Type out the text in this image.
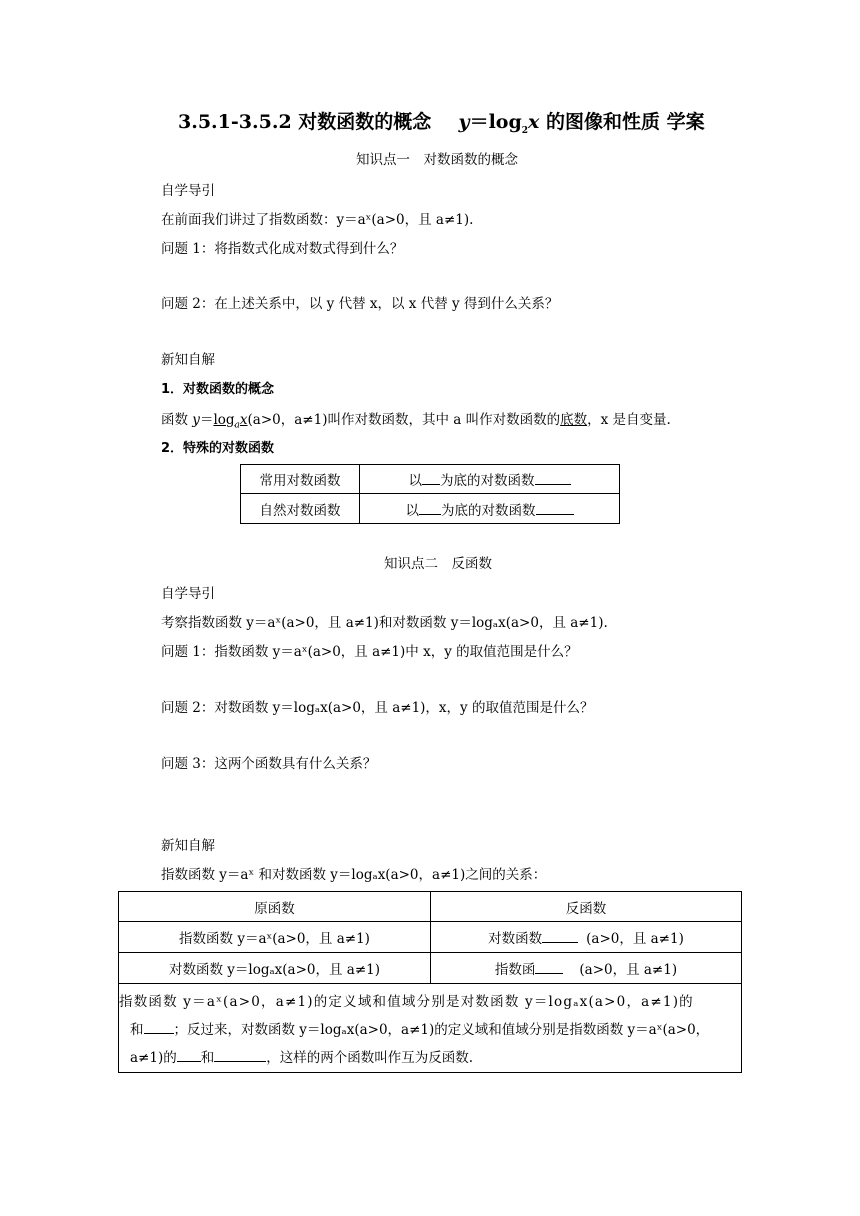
3.5.1-3.5.2 对数函数的概念 $y=\log_2x$ 的图像和性质 学案
知识点一　对数函数的概念
自学导引
在前面我们讲过了指数函数：y＝aˣ(a>0，且 a≠1).
问题 1：将指数式化成对数式得到什么？
问题 2：在上述关系中，以 y 代替 x，以 x 代替 y 得到什么关系？
新知自解
1．对数函数的概念
函数 $y=\log_ax(a>0$，a≠1)叫作对数函数，其中 a 叫作对数函数的底数，x 是自变量.
2．特殊的对数函数
常用对数函数	以 为底的对数函数
自然对数函数	以 为底的对数函数
知识点二　反函数
自学导引
考察指数函数 y＝aˣ(a>0，且 a≠1)和对数函数 y＝logₐx(a>0，且 a≠1).
问题 1：指数函数 y＝aˣ(a>0，且 a≠1)中 x，y 的取值范围是什么？
问题 2：对数函数 y＝logₐx(a>0，且 a≠1)，x，y 的取值范围是什么？
问题 3：这两个函数具有什么关系？
新知自解
指数函数 y＝aˣ 和对数函数 y＝logₐx(a>0，a≠1)之间的关系：
原函数	反函数
指数函数 y＝aˣ(a>0，且 a≠1)	对数函数 (a>0，且 a≠1)
对数函数 y＝logₐx(a>0，且 a≠1)	指数函 (a>0，且 a≠1)

指数函数 y＝aˣ(a>0，a≠1)的定义域和值域分别是对数函数 y＝logₐx(a>0，a≠1)的
和 ；反过来，对数函数 y＝logₐx(a>0，a≠1)的定义域和值域分别是指数函数 y＝aˣ(a>0，
a≠1)的 和 ，这样的两个函数叫作互为反函数.	
